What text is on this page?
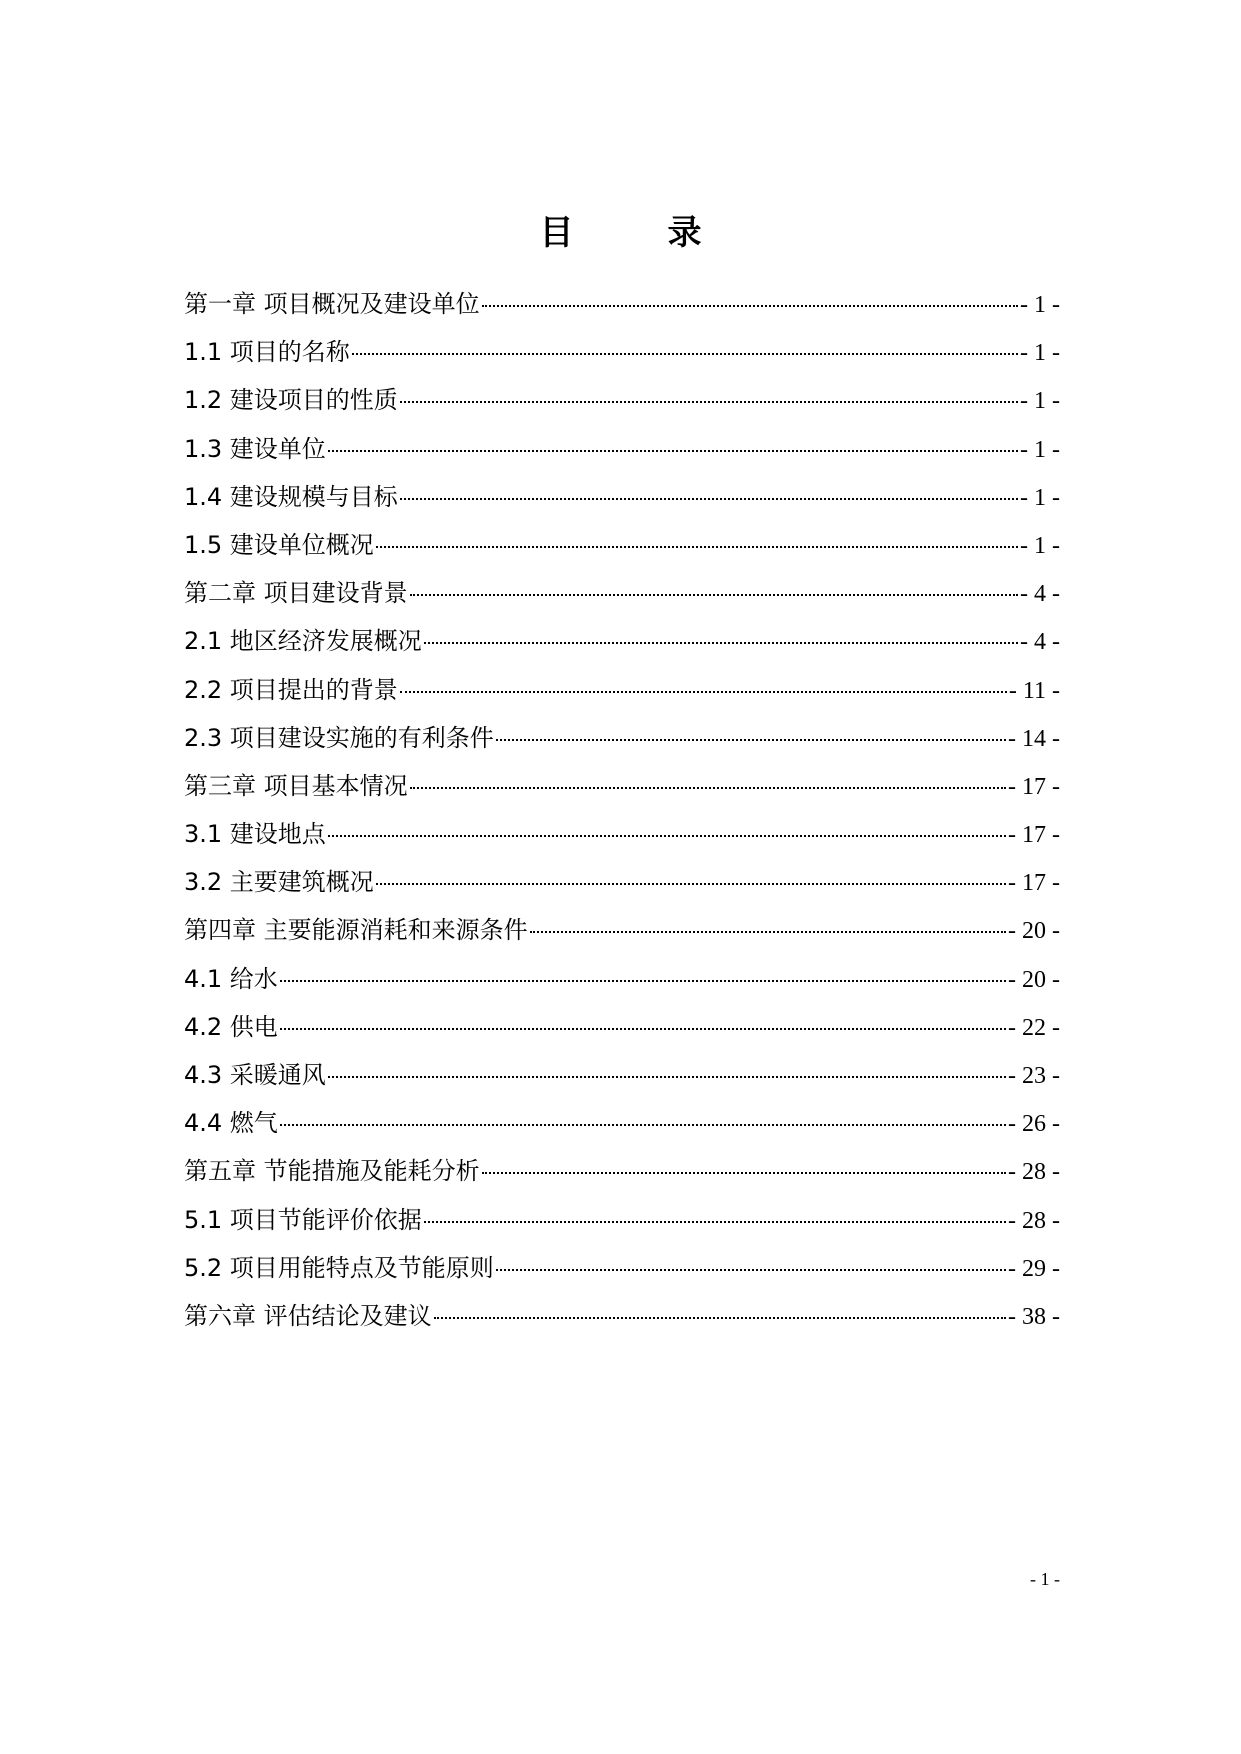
目　录
第一章 项目概况及建设单位	- 1 -
1.1 项目的名称	- 1 -
1.2 建设项目的性质	- 1 -
1.3 建设单位	- 1 -
1.4 建设规模与目标	- 1 -
1.5 建设单位概况	- 1 -
第二章 项目建设背景	- 4 -
2.1 地区经济发展概况	- 4 -
2.2 项目提出的背景	- 11 -
2.3 项目建设实施的有利条件	- 14 -
第三章 项目基本情况	- 17 -
3.1 建设地点	- 17 -
3.2 主要建筑概况	- 17 -
第四章 主要能源消耗和来源条件	- 20 -
4.1 给水	- 20 -
4.2 供电	- 22 -
4.3 采暖通风	- 23 -
4.4 燃气	- 26 -
第五章 节能措施及能耗分析	- 28 -
5.1 项目节能评价依据	- 28 -
5.2 项目用能特点及节能原则	- 29 -
第六章 评估结论及建议	- 38 -
- 1 -
